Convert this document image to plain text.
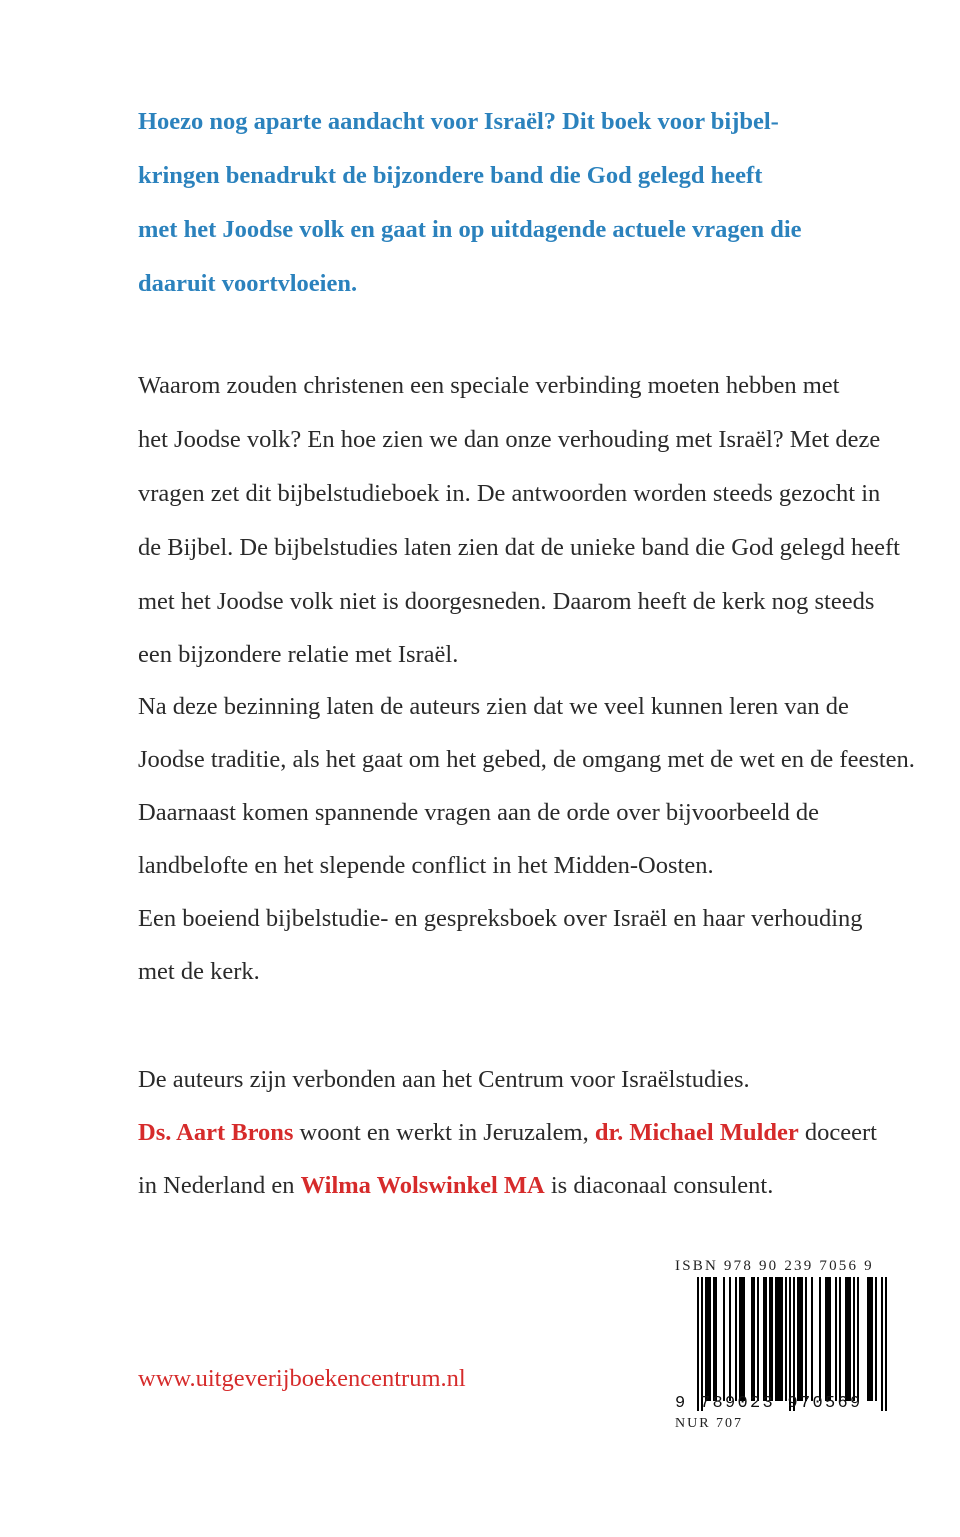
Hoezo nog aparte aandacht voor Israël? Dit boek voor bijbel-
kringen benadrukt de bijzondere band die God gelegd heeft
met het Joodse volk en gaat in op uitdagende actuele vragen die
daaruit voortvloeien.
Waarom zouden christenen een speciale verbinding moeten hebben met
het Joodse volk? En hoe zien we dan onze verhouding met Israël? Met deze
vragen zet dit bijbelstudieboek in. De antwoorden worden steeds gezocht in
de Bijbel. De bijbelstudies laten zien dat de unieke band die God gelegd heeft
met het Joodse volk niet is doorgesneden. Daarom heeft de kerk nog steeds
een bijzondere relatie met Israël.
Na deze bezinning laten de auteurs zien dat we veel kunnen leren van de
Joodse traditie, als het gaat om het gebed, de omgang met de wet en de feesten.
Daarnaast komen spannende vragen aan de orde over bijvoorbeeld de
landbelofte en het slepende conflict in het Midden-Oosten.
Een boeiend bijbelstudie- en gespreksboek over Israël en haar verhouding
met de kerk.
De auteurs zijn verbonden aan het Centrum voor Israëlstudies.
Ds. Aart Brons woont en werkt in Jeruzalem, dr. Michael Mulder doceert
in Nederland en Wilma Wolswinkel MA is diaconaal consulent.
www.uitgeverijboekencentrum.nl
ISBN 978 90 239 7056 9
9 789023 970569
NUR 707
